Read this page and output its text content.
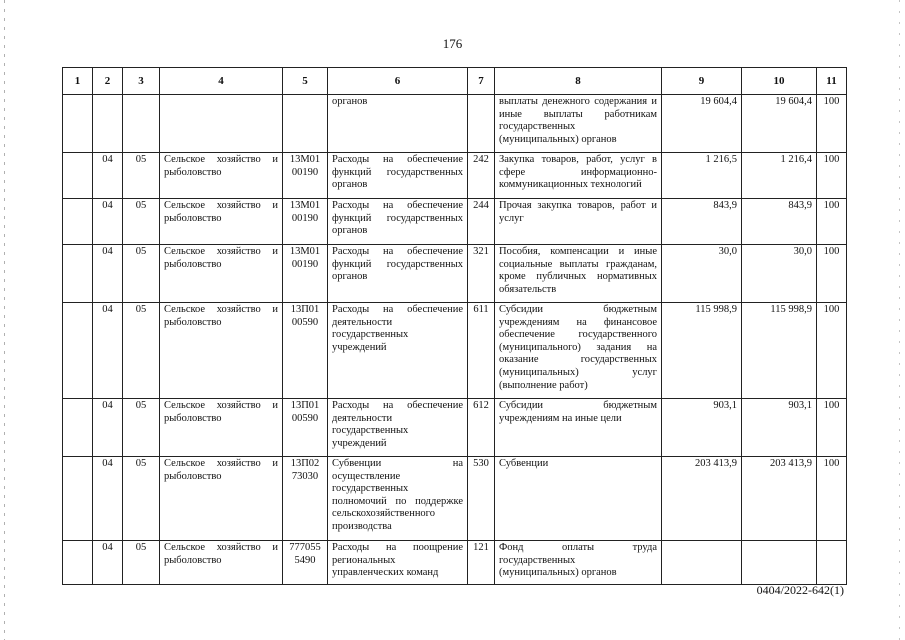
176
1	2	3	4	5	6	7	8	9	10	11
					органов		выплаты денежного содержания и иные выплаты работникам государственных (муниципальных) органов	19 604,4	19 604,4	100
	04	05	Сельское хозяйство и рыболовство	13М01 00190	Расходы на обеспечение функций государственных органов	242	Закупка товаров, работ, услуг в сфере информационно-коммуникационных технологий	1 216,5	1 216,4	100
	04	05	Сельское хозяйство и рыболовство	13М01 00190	Расходы на обеспечение функций государственных органов	244	Прочая закупка товаров, работ и услуг	843,9	843,9	100
	04	05	Сельское хозяйство и рыболовство	13М01 00190	Расходы на обеспечение функций государственных органов	321	Пособия, компенсации и иные социальные выплаты гражданам, кроме публичных нормативных обязательств	30,0	30,0	100
	04	05	Сельское хозяйство и рыболовство	13П01 00590	Расходы на обеспечение деятельности государственных учреждений	611	Субсидии бюджетным учреждениям на финансовое обеспечение государственного (муниципального) задания на оказание государственных (муниципальных) услуг (выполнение работ)	115 998,9	115 998,9	100
	04	05	Сельское хозяйство и рыболовство	13П01 00590	Расходы на обеспечение деятельности государственных учреждений	612	Субсидии бюджетным учреждениям на иные цели	903,1	903,1	100
	04	05	Сельское хозяйство и рыболовство	13П02 73030	Субвенции на осуществление государственных полномочий по поддержке сельскохозяйственного производства	530	Субвенции	203 413,9	203 413,9	100
	04	05	Сельское хозяйство и рыболовство	777055 5490	Расходы на поощрение региональных управленческих команд	121	Фонд оплаты труда государственных (муниципальных) органов			
0404/2022-642(1)
